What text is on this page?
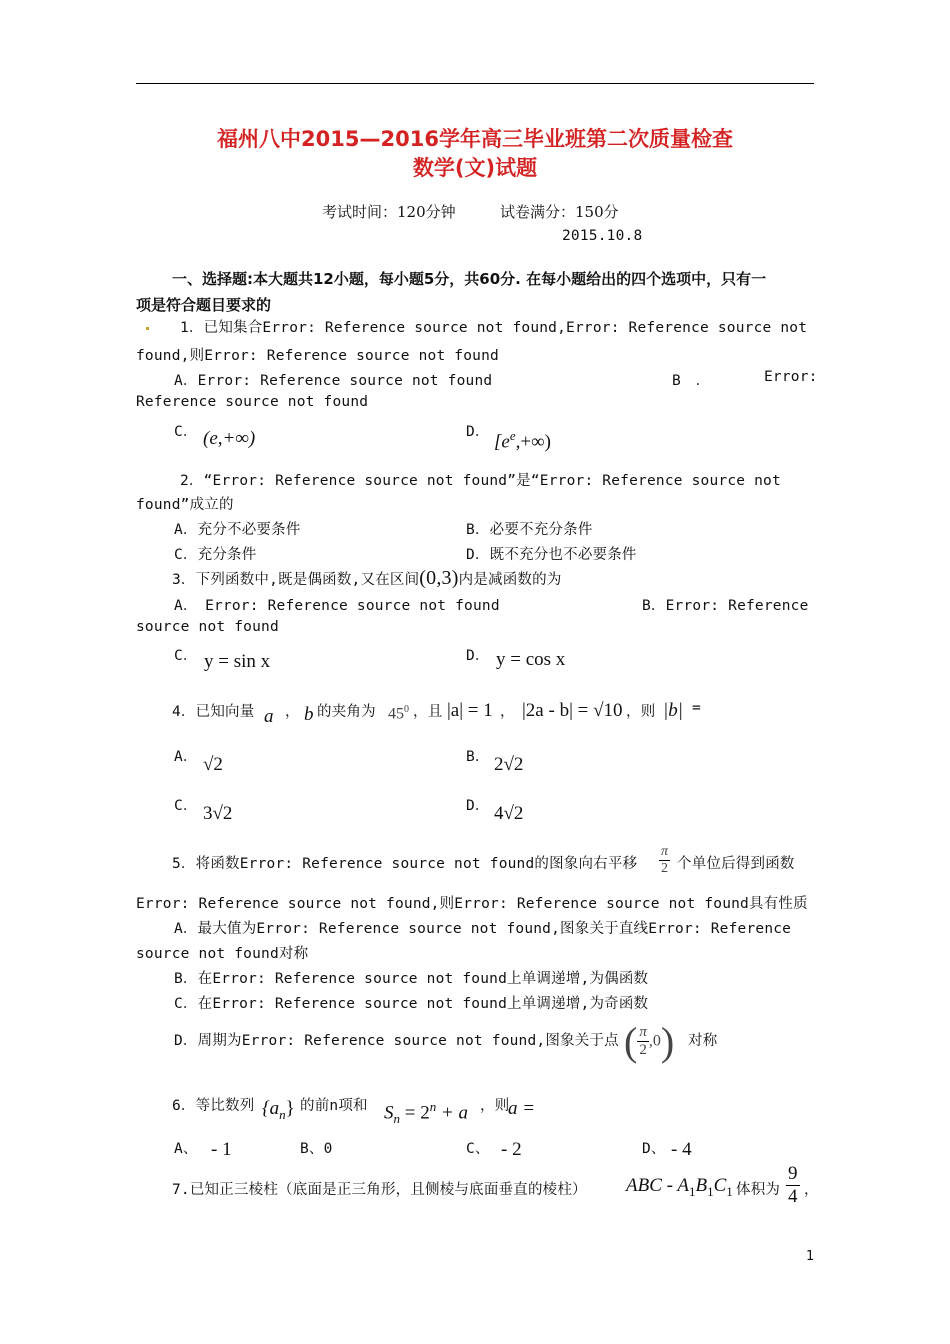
福州八中2015—2016学年高三毕业班第二次质量检查
数学(文)试题
考试时间：120分钟	试卷满分：150分
2015.10.8
一、选择题:本大题共12小题，每小题5分，共60分. 在每小题给出的四个选项中，只有一
项是符合题目要求的
1．已知集合Error: Reference source not found,Error: Reference source not
found,则Error: Reference source not found
A．Error: Reference source not found	B　．	Error:
Reference source not found
C． (e,+∞)	D． $[e^e,+\infty)$
2．“Error: Reference source not found”是“Error: Reference source not
found”成立的
A．充分不必要条件	B．必要不充分条件
C．充分条件	D．既不充分也不必要条件
3．下列函数中,既是偶函数,又在区间(0,3)内是减函数的为
A．　Error: Reference source not found	B．Error: Reference
source not found
C． y = sin x	D． y = cos x
4．已知向量 a ， b 的夹角为 $45^0$ ，且 |a| = 1 ， |2a - b| = √10 ，则 |b| =
A． √2	B． 2√2
C． 3√2	D． 4√2
5．将函数Error: Reference source not found的图象向右平移 $\frac{\pi}{2}$ 个单位后得到函数
Error: Reference source not found,则Error: Reference source not found具有性质
A．最大值为Error: Reference source not found,图象关于直线Error: Reference
source not found对称
B．在Error: Reference source not found上单调递增,为偶函数
C．在Error: Reference source not found上单调递增,为奇函数
D．周期为Error: Reference source not found,图象关于点 ( $\frac{\pi}{2} ,0$) 对称
6．等比数列 $\{a_n\}$ 的前n项和 $S_n = 2^n + a$ ，则
a =
A、 - 1	B、0	C、 - 2	D、 - 4
7.已知正三棱柱（底面是正三角形，且侧棱与底面垂直的棱柱） ABC - $A_1B_1C_1$ 体积为 $\frac{9}{4}$ ，
1
